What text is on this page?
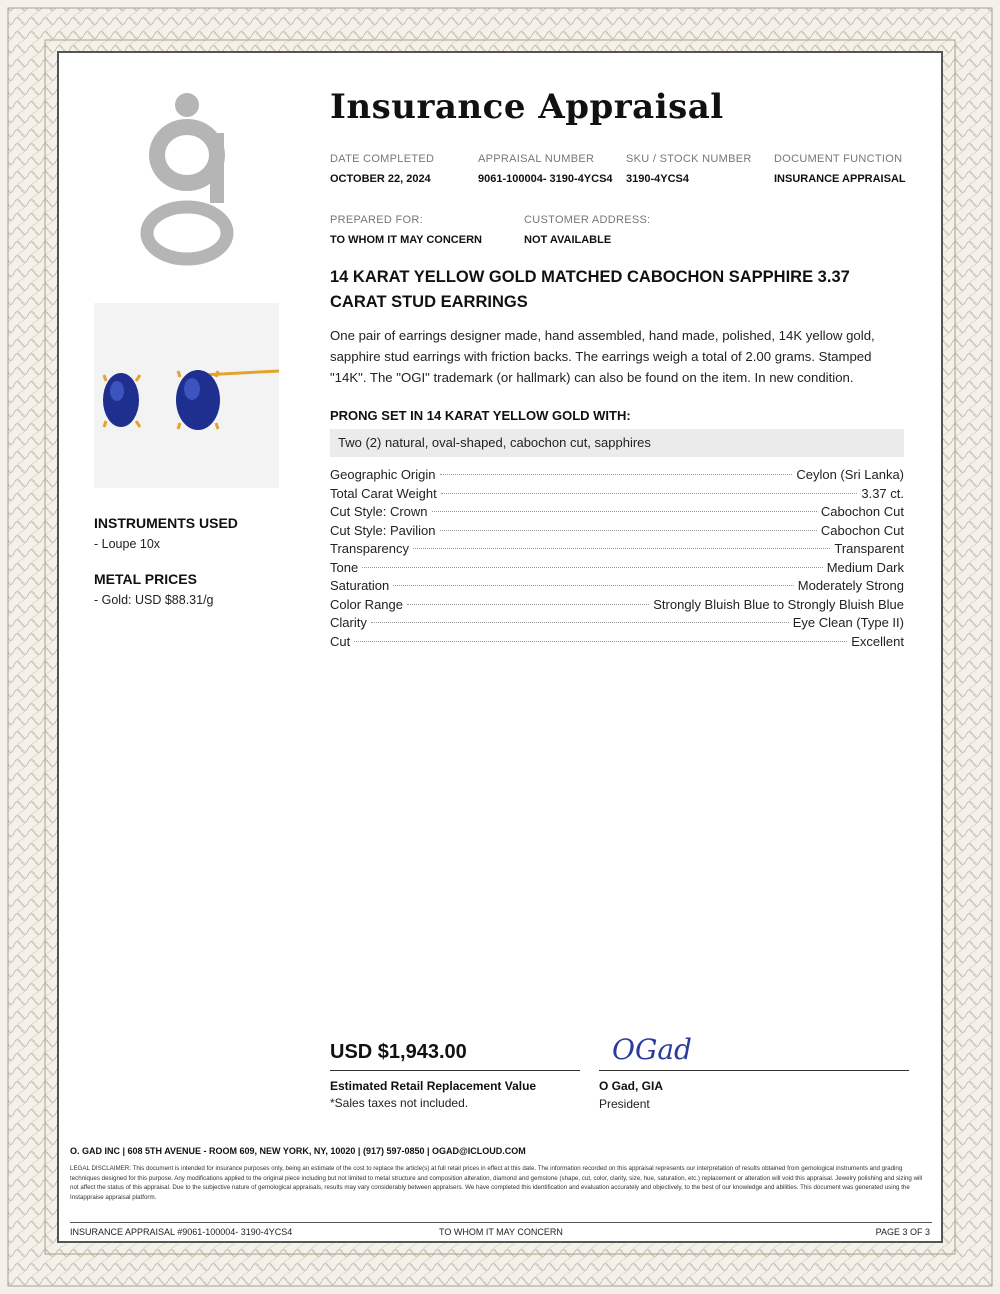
INSTRUMENTS USED
- Loupe 10x
METAL PRICES
- Gold: USD $88.31/g
Insurance Appraisal
DATE COMPLETED
OCTOBER 22, 2024
APPRAISAL NUMBER
9061-100004- 3190-4YCS4
SKU / STOCK NUMBER
3190-4YCS4
DOCUMENT FUNCTION
INSURANCE APPRAISAL
PREPARED FOR:
TO WHOM IT MAY CONCERN
CUSTOMER ADDRESS:
NOT AVAILABLE
14 KARAT YELLOW GOLD MATCHED CABOCHON SAPPHIRE 3.37 CARAT STUD EARRINGS
One pair of earrings designer made, hand assembled, hand made, polished, 14K yellow gold, sapphire stud earrings with friction backs. The earrings weigh a total of 2.00 grams. Stamped "14K". The "OGI" trademark (or hallmark) can also be found on the item. In new condition.
PRONG SET IN 14 KARAT YELLOW GOLD WITH:
Two (2) natural, oval-shaped, cabochon cut, sapphires
Geographic Origin	Ceylon (Sri Lanka)
Total Carat Weight	3.37 ct.
Cut Style: Crown	Cabochon Cut
Cut Style: Pavilion	Cabochon Cut
Transparency	Transparent
Tone	Medium Dark
Saturation	Moderately Strong
Color Range	Strongly Bluish Blue to Strongly Bluish Blue
Clarity	Eye Clean (Type II)
Cut	Excellent
USD $1,943.00
Estimated Retail Replacement Value
*Sales taxes not included.
OGad
O Gad, GIA
President
O. GAD INC | 608 5TH AVENUE - ROOM 609, NEW YORK, NY, 10020 | (917) 597-0850 | OGAD@ICLOUD.COM
LEGAL DISCLAIMER: This document is intended for insurance purposes only, being an estimate of the cost to replace the article(s) at full retail prices in effect at this date. The information recorded on this appraisal represents our interpretation of results obtained from gemological instruments and grading techniques designed for this purpose. Any modifications applied to the original piece including but not limited to metal structure and composition alteration, diamond and gemstone (shape, cut, color, clarity, size, hue, saturation, etc.) replacement or alteration will void this appraisal. Jewelry polishing and sizing will not affect the status of this appraisal. Due to the subjective nature of gemological appraisals, results may vary considerably between appraisers. We have completed this identification and evaluation accurately and objectively, to the best of our knowledge and abilities. This document was generated using the Instappraise appraisal platform.
INSURANCE APPRAISAL #9061-100004- 3190-4YCS4	TO WHOM IT MAY CONCERN	PAGE 3 OF 3
